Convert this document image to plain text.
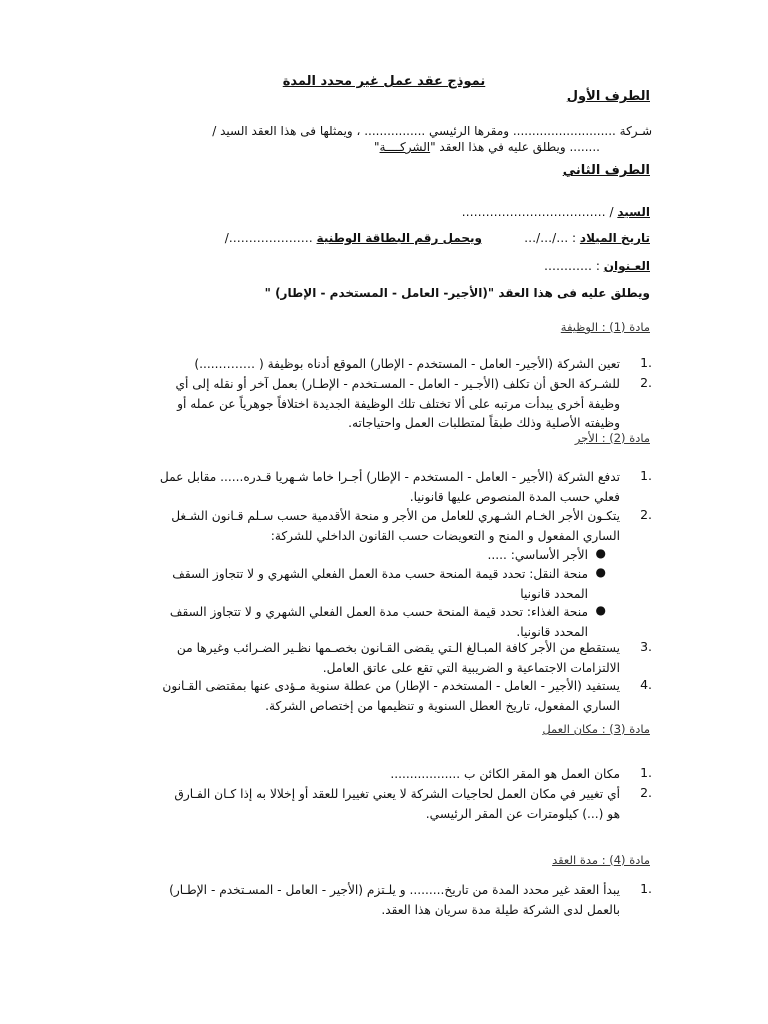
نموذج عقد عمل غير محدد المدة
الطرف الأول
شـركة ........................... ومقرها الرئيسي ................ ، ويمثلها فى هذا العقد السيد /
........ ويطلق عليه في هذا العقد "الشركــــة"
الطرف الثاني
السيد / ………………………………
تاريخ الميلاد : …/…/…
ويحمل رقم البطاقة الوطنية …………………/
العـنوان : …………
ويطلق عليه فى هذا العقد "(الأجير- العامل - المستخدم - الإطار) "
مادة (1) : الوظيفة
.1
تعين الشركة (الأجير- العامل - المستخدم - الإطار) الموقع أدناه بوظيفة ( ……….....)
.2
للشـركة الحق أن تكلف (الأجـير - العامل - المسـتخدم - الإطـار) بعمل آخر أو نقله إلى أي
وظيفة أخرى يبدأت مرتبه على ألا تختلف تلك الوظيفة الجديدة اختلافاً جوهرياً عن عمله أو
وظيفته الأصلية وذلك طبقاً لمتطلبات العمل واحتياجاته.
مادة (2) : الأجر
.1
تدفع الشركة (الأجير - العامل - المستخدم - الإطار) أجـرا خاما شـهريا قـدره...... مقابل عمل
فعلي حسب المدة المنصوص عليها قانونيا.
.2
يتكـون الأجر الخـام الشـهري للعامل من الأجر و منحة الأقدمية حسب سـلم قـانون الشـغل
الساري المفعول و المنح و التعويضات حسب القانون الداخلي للشركة:
●
الأجر الأساسي: .....
●
منحة النقل: تحدد قيمة المنحة حسب مدة العمل الفعلي الشهري و لا تتجاوز السقف
المحدد قانونيا
●
منحة الغذاء: تحدد قيمة المنحة حسب مدة العمل الفعلي الشهري و لا تتجاوز السقف
المحدد قانونيا.
.3
يستقطع من الأجر كافة المبـالغ الـتي يقضى القـانون بخصـمها نظـير الضـرائب وغيرها من
الالتزامات الاجتماعية و الضريبية التي تقع على عاتق العامل.
.4
يستفيد (الأجير - العامل - المستخدم - الإطار) من عطلة سنوية مـؤدى عنها بمقتضى القـانون
الساري المفعول، تاريخ العطل السنوية و تنظيمها من إختصاص الشركة.
مادة (3) : مكان العمل
.1
مكان العمل هو المقر الكائن ب ..................
.2
أي تغيير في مكان العمل لحاجيات الشركة لا يعني تغييرا للعقد أو إخلالا به إذا كـان الفـارق
هو (...) كيلومترات عن المقر الرئيسي.
مادة (4) : مدة العقد
.1
يبدأ العقد غير محدد المدة من تاريخ......... و يلـتزم (الأجير - العامل - المسـتخدم - الإطـار)
بالعمل لدى الشركة طيلة مدة سريان هذا العقد.
